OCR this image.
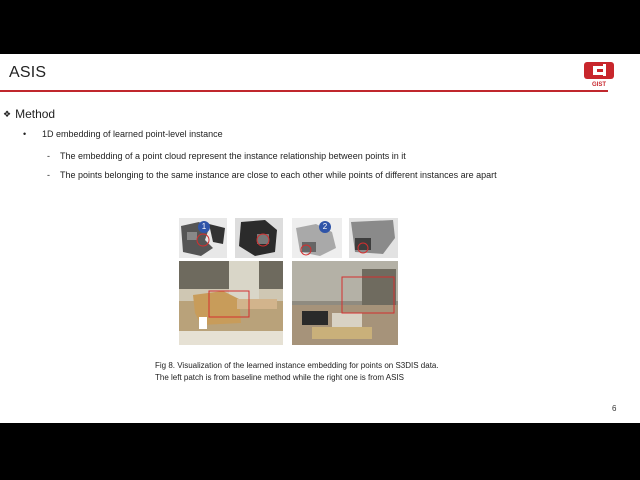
ASIS
GIST
❖ Method
• 1D embedding of learned point-level instance
- The embedding of a point cloud represent the instance relationship between points in it
- The points belonging to the same instance are close to each other while points of different instances are apart
1	2
Fig 8. Visualization of the learned instance embedding for points on S3DIS data.
The left patch is from baseline method while the right one is from ASIS
6
